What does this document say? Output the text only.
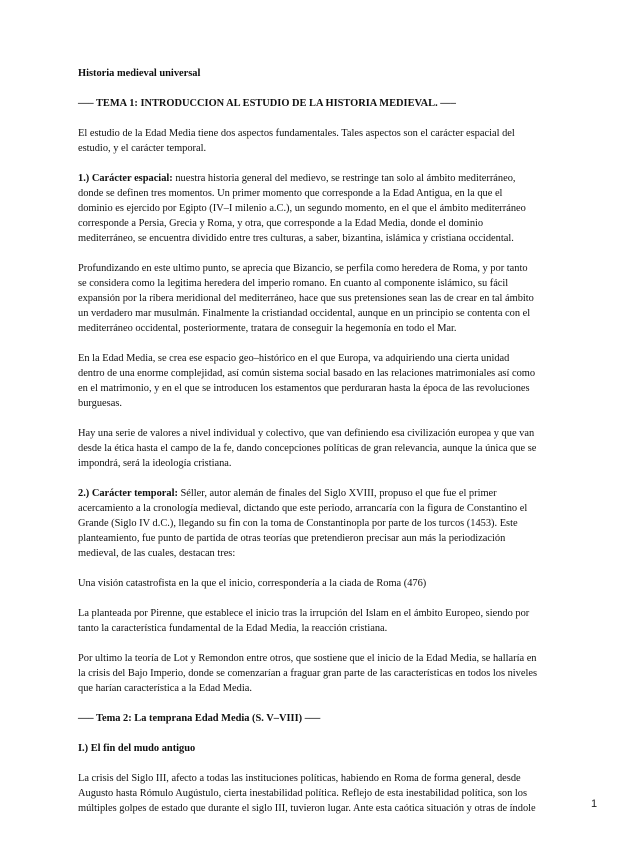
Historia medieval universal

—– TEMA 1: INTRODUCCION AL ESTUDIO DE LA HISTORIA MEDIEVAL. —–

El estudio de la Edad Media tiene dos aspectos fundamentales. Tales aspectos son el carácter espacial del

estudio, y el carácter temporal.

1.) Carácter espacial: nuestra historia general del medievo, se restringe tan solo al ámbito mediterráneo,

donde se definen tres momentos. Un primer momento que corresponde a la Edad Antigua, en la que el

dominio es ejercido por Egipto (IV–I milenio a.C.), un segundo momento, en el que el ámbito mediterráneo

corresponde a Persia, Grecia y Roma, y otra, que corresponde a la Edad Media, donde el dominio

mediterráneo, se encuentra dividido entre tres culturas, a saber, bizantina, islámica y cristiana occidental.

Profundizando en este ultimo punto, se aprecia que Bizancio, se perfila como heredera de Roma, y por tanto

se considera como la legitima heredera del imperio romano. En cuanto al componente islámico, su fácil

expansión por la ribera meridional del mediterráneo, hace que sus pretensiones sean las de crear en tal ámbito

un verdadero mar musulmán. Finalmente la cristiandad occidental, aunque en un principio se contenta con el

mediterráneo occidental, posteriormente, tratara de conseguir la hegemonía en todo el Mar.

En la Edad Media, se crea ese espacio geo–histórico en el que Europa, va adquiriendo una cierta unidad

dentro de una enorme complejidad, así común sistema social basado en las relaciones matrimoniales así como

en el matrimonio, y en el que se introducen los estamentos que perduraran hasta la época de las revoluciones

burguesas.

Hay una serie de valores a nivel individual y colectivo, que van definiendo esa civilización europea y que van

desde la ética hasta el campo de la fe, dando concepciones políticas de gran relevancia, aunque la única que se

impondrá, será la ideología cristiana.

2.) Carácter temporal: Séller, autor alemán de finales del Siglo XVIII, propuso el que fue el primer

acercamiento a la cronología medieval, dictando que este periodo, arrancaría con la figura de Constantino el

Grande (Siglo IV d.C.), llegando su fin con la toma de Constantinopla por parte de los turcos (1453). Este

planteamiento, fue punto de partida de otras teorías que pretendieron precisar aun más la periodización

medieval, de las cuales, destacan tres:

Una visión catastrofista en la que el inicio, correspondería a la ciada de Roma (476)

La planteada por Pirenne, que establece el inicio tras la irrupción del Islam en el ámbito Europeo, siendo por

tanto la característica fundamental de la Edad Media, la reacción cristiana.

Por ultimo la teoría de Lot y Remondon entre otros, que sostiene que el inicio de la Edad Media, se hallaría en

la crisis del Bajo Imperio, donde se comenzarían a fraguar gran parte de las características en todos los niveles

que harían característica a la Edad Media.

—– Tema 2: La temprana Edad Media (S. V–VIII) –—

I.) El fin del mudo antiguo

La crisis del Siglo III, afecto a todas las instituciones políticas, habiendo en Roma de forma general, desde

Augusto hasta Rómulo Augústulo, cierta inestabilidad política. Reflejo de esta inestabilidad política, son los

múltiples golpes de estado que durante el siglo III, tuvieron lugar. Ante esta caótica situación y otras de índole	1
